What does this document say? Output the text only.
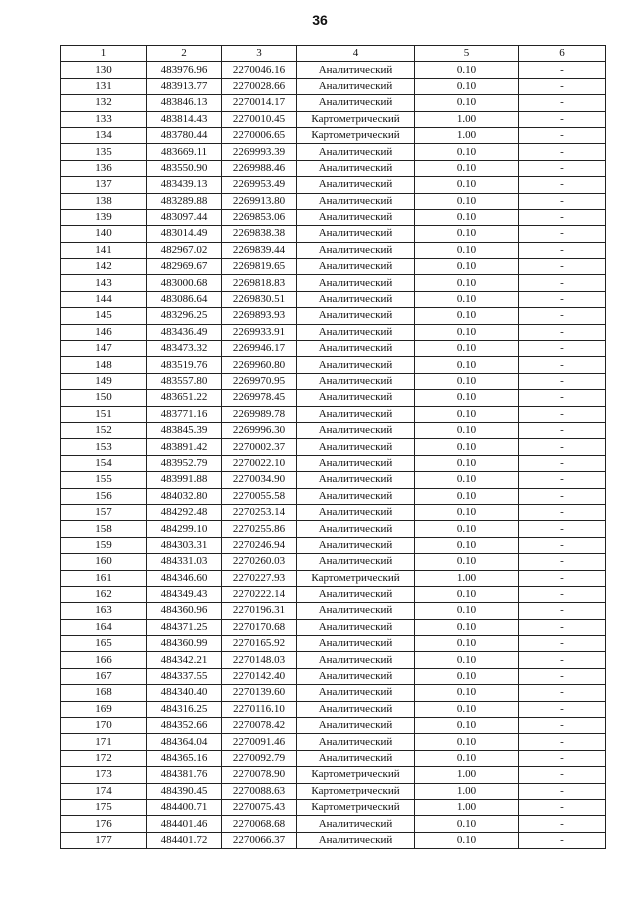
36
1	2	3	4	5	6
130	483976.96	2270046.16	Аналитический	0.10	-
131	483913.77	2270028.66	Аналитический	0.10	-
132	483846.13	2270014.17	Аналитический	0.10	-
133	483814.43	2270010.45	Картометрический	1.00	-
134	483780.44	2270006.65	Картометрический	1.00	-
135	483669.11	2269993.39	Аналитический	0.10	-
136	483550.90	2269988.46	Аналитический	0.10	-
137	483439.13	2269953.49	Аналитический	0.10	-
138	483289.88	2269913.80	Аналитический	0.10	-
139	483097.44	2269853.06	Аналитический	0.10	-
140	483014.49	2269838.38	Аналитический	0.10	-
141	482967.02	2269839.44	Аналитический	0.10	-
142	482969.67	2269819.65	Аналитический	0.10	-
143	483000.68	2269818.83	Аналитический	0.10	-
144	483086.64	2269830.51	Аналитический	0.10	-
145	483296.25	2269893.93	Аналитический	0.10	-
146	483436.49	2269933.91	Аналитический	0.10	-
147	483473.32	2269946.17	Аналитический	0.10	-
148	483519.76	2269960.80	Аналитический	0.10	-
149	483557.80	2269970.95	Аналитический	0.10	-
150	483651.22	2269978.45	Аналитический	0.10	-
151	483771.16	2269989.78	Аналитический	0.10	-
152	483845.39	2269996.30	Аналитический	0.10	-
153	483891.42	2270002.37	Аналитический	0.10	-
154	483952.79	2270022.10	Аналитический	0.10	-
155	483991.88	2270034.90	Аналитический	0.10	-
156	484032.80	2270055.58	Аналитический	0.10	-
157	484292.48	2270253.14	Аналитический	0.10	-
158	484299.10	2270255.86	Аналитический	0.10	-
159	484303.31	2270246.94	Аналитический	0.10	-
160	484331.03	2270260.03	Аналитический	0.10	-
161	484346.60	2270227.93	Картометрический	1.00	-
162	484349.43	2270222.14	Аналитический	0.10	-
163	484360.96	2270196.31	Аналитический	0.10	-
164	484371.25	2270170.68	Аналитический	0.10	-
165	484360.99	2270165.92	Аналитический	0.10	-
166	484342.21	2270148.03	Аналитический	0.10	-
167	484337.55	2270142.40	Аналитический	0.10	-
168	484340.40	2270139.60	Аналитический	0.10	-
169	484316.25	2270116.10	Аналитический	0.10	-
170	484352.66	2270078.42	Аналитический	0.10	-
171	484364.04	2270091.46	Аналитический	0.10	-
172	484365.16	2270092.79	Аналитический	0.10	-
173	484381.76	2270078.90	Картометрический	1.00	-
174	484390.45	2270088.63	Картометрический	1.00	-
175	484400.71	2270075.43	Картометрический	1.00	-
176	484401.46	2270068.68	Аналитический	0.10	-
177	484401.72	2270066.37	Аналитический	0.10	-
